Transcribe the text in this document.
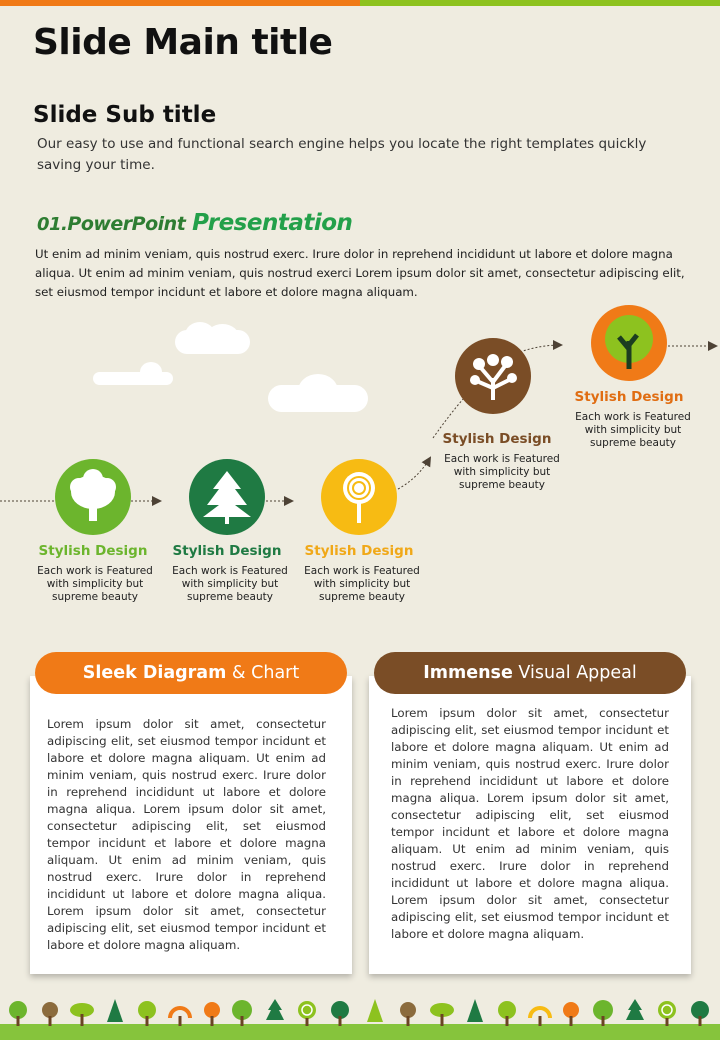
Slide Main title
Slide Sub title
Our easy to use and functional search engine helps you locate the right templates quickly saving your time.
01.PowerPoint Presentation
Ut enim ad minim veniam, quis nostrud exerc. Irure dolor in reprehend incididunt ut labore et dolore magna aliqua. Ut enim ad minim veniam, quis nostrud exerci Lorem ipsum dolor sit amet, consectetur adipiscing elit, set eiusmod tempor incidunt et labore et dolore magna aliquam.
Stylish Design
Each work is Featured with simplicity but supreme beauty
Stylish Design
Each work is Featured with simplicity but supreme beauty
Stylish Design
Each work is Featured with simplicity but supreme beauty
Stylish Design
Each work is Featured with simplicity but supreme beauty
Stylish Design
Each work is Featured with simplicity but supreme beauty
Lorem ipsum dolor sit amet, consectetur adipiscing elit, set eiusmod tempor incidunt et labore et dolore magna aliquam. Ut enim ad minim veniam, quis nostrud exerc. Irure dolor in reprehend incididunt ut labore et dolore magna aliqua. Lorem ipsum dolor sit amet, consectetur adipiscing elit, set eiusmod tempor incidunt et labore et dolore magna aliquam. Ut enim ad minim veniam, quis nostrud exerc. Irure dolor in reprehend incididunt ut labore et dolore magna aliqua. Lorem ipsum dolor sit amet, consectetur adipiscing elit, set eiusmod tempor incidunt et labore et dolore magna aliquam.
Sleek Diagram & Chart
Lorem ipsum dolor sit amet, consectetur adipiscing elit, set eiusmod tempor incidunt et labore et dolore magna aliquam. Ut enim ad minim veniam, quis nostrud exerc. Irure dolor in reprehend incididunt ut labore et dolore magna aliqua. Lorem ipsum dolor sit amet, consectetur adipiscing elit, set eiusmod tempor incidunt et labore et dolore magna aliquam. Ut enim ad minim veniam, quis nostrud exerc. Irure dolor in reprehend incididunt ut labore et dolore magna aliqua. Lorem ipsum dolor sit amet, consectetur adipiscing elit, set eiusmod tempor incidunt et labore et dolore magna aliquam.
Immense Visual Appeal
